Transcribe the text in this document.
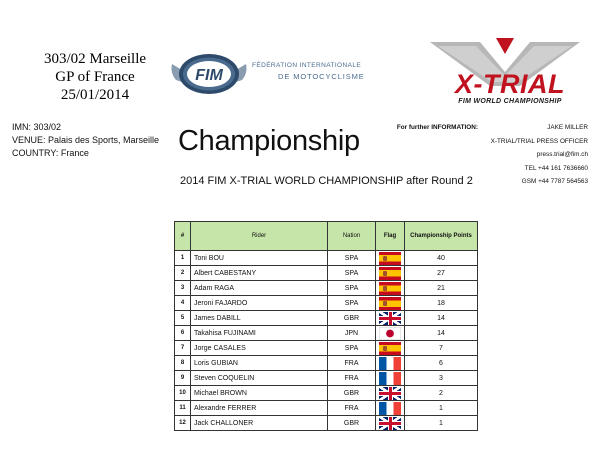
303/02 Marseille
GP of France
25/01/2014
FIM
FÉDÉRATION INTERNATIONALE
DE MOTOCYCLISME	X-TRIAL
FIM WORLD CHAMPIONSHIP
IMN: 303/02
VENUE: Palais des Sports, Marseille
COUNTRY: France
For further INFORMATION:	JAKE MILLER
X-TRIAL/TRIAL PRESS OFFICER
press.trial@fim.ch
TEL +44 161 7636660
GSM +44 7787 564563
Championship
2014 FIM X-TRIAL WORLD CHAMPIONSHIP after Round 2
#	Rider	Nation	Flag	Championship Points
1	Toni BOU	SPA		40
2	Albert CABESTANY	SPA		27
3	Adam RAGA	SPA		21
4	Jeroni FAJARDO	SPA		18
5	James DABILL	GBR		14
6	Takahisa FUJINAMI	JPN		14
7	Jorge CASALES	SPA		7
8	Loris GUBIAN	FRA		6
9	Steven COQUELIN	FRA		3
10	Michael BROWN	GBR		2
11	Alexandre FERRER	FRA		1
12	Jack CHALLONER	GBR		1
